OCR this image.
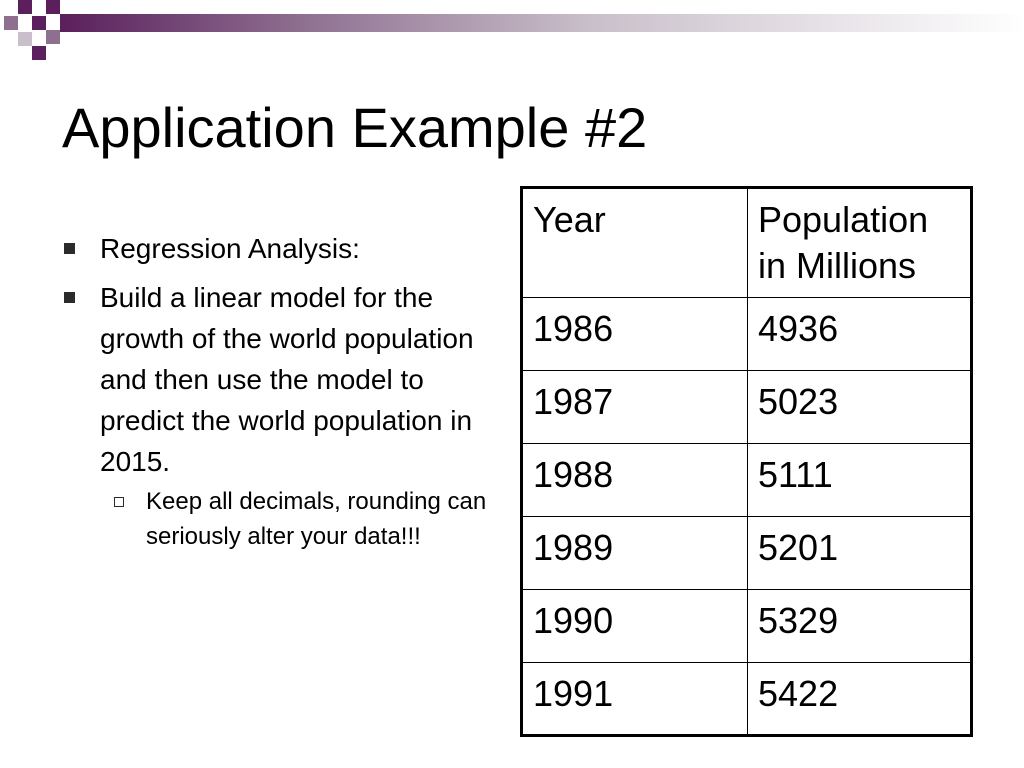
Application Example #2
Regression Analysis:
Build a linear model for the growth of the world population and then use the model to predict the world population in 2015.
Keep all decimals, rounding can seriously alter your data!!!
Year	Population in Millions
1986	4936
1987	5023
1988	5111
1989	5201
1990	5329
1991	5422
